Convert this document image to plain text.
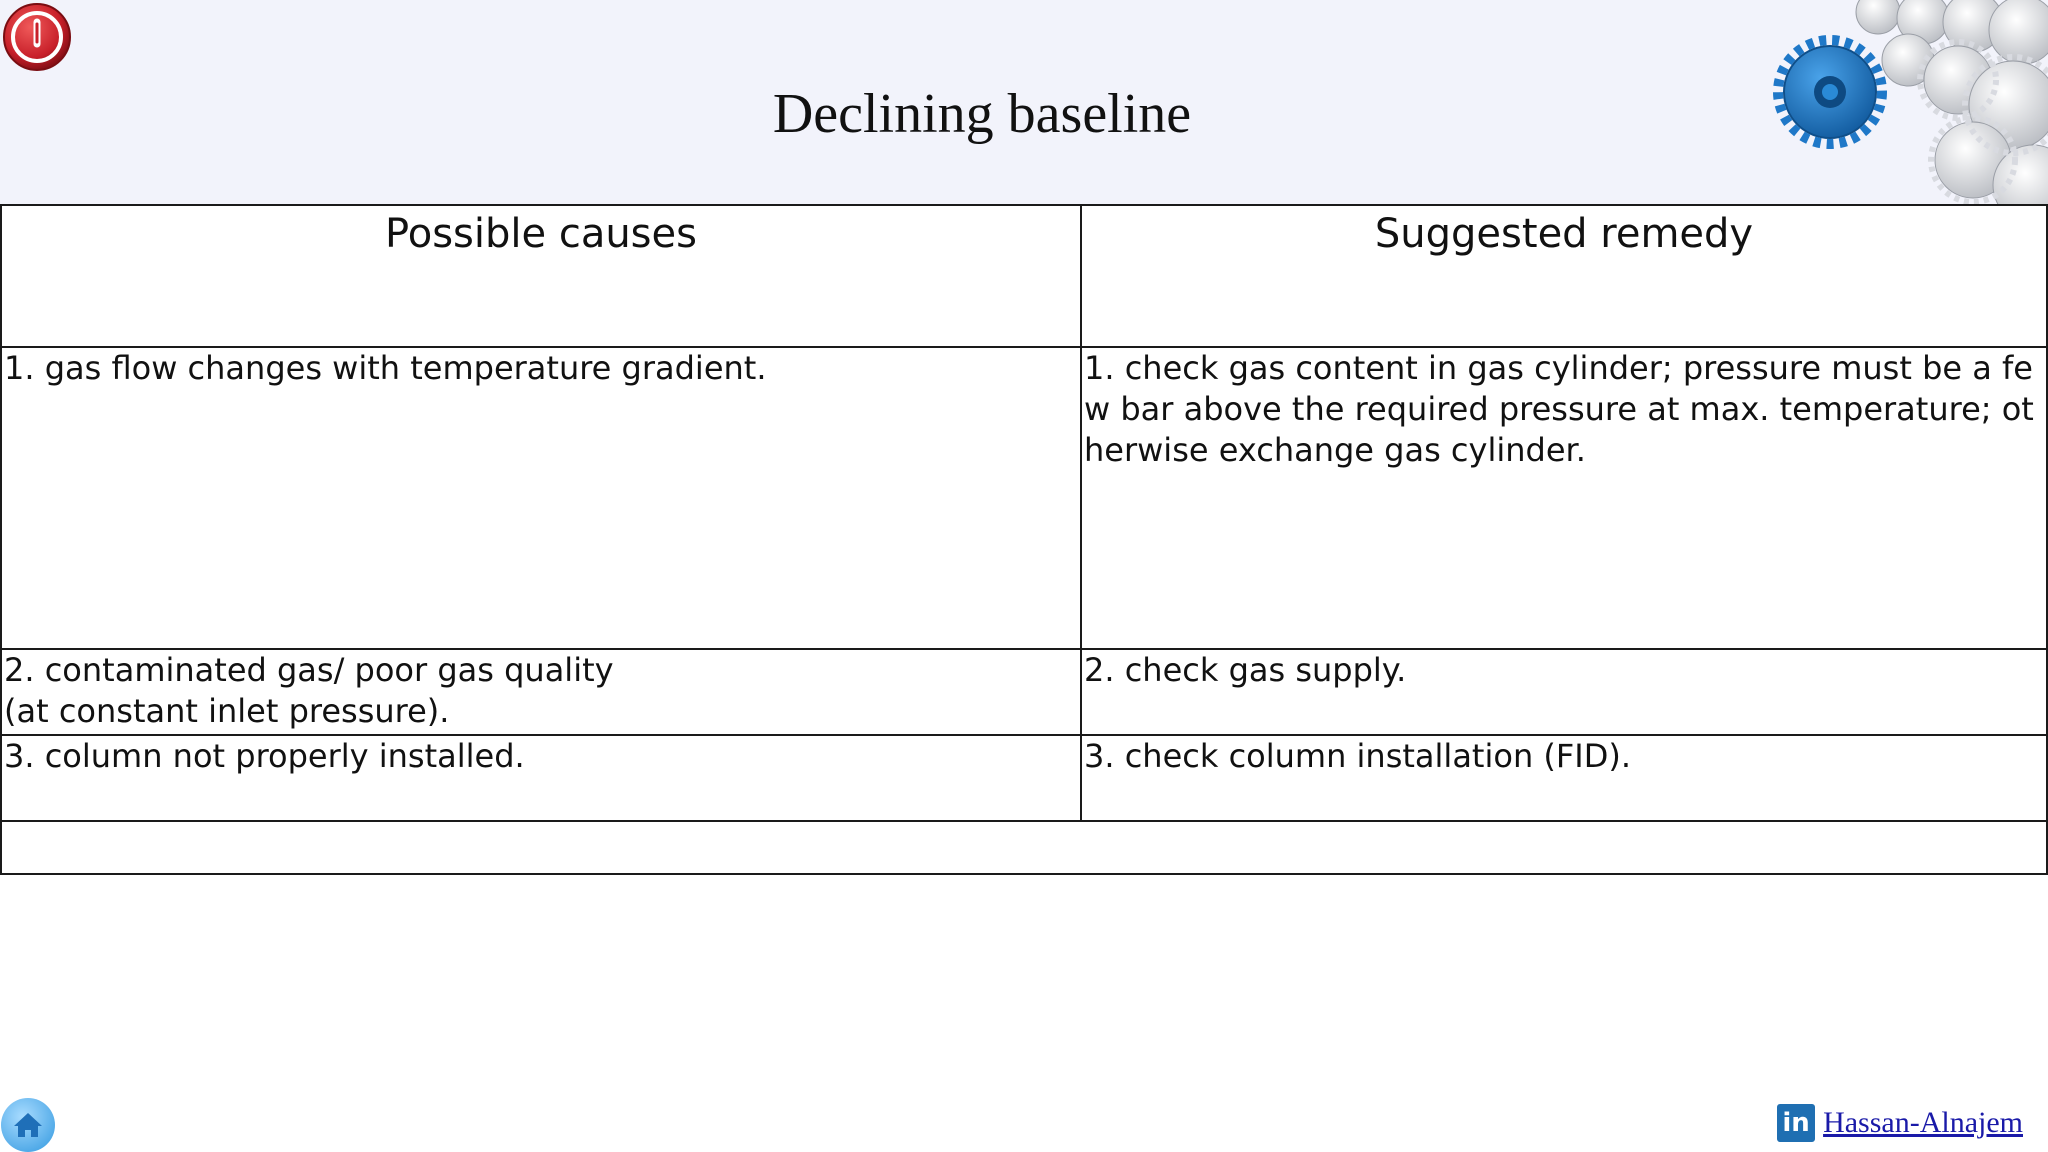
Declining baseline
Possible causes	Suggested remedy
1. gas flow changes with temperature gradient.	1. check gas content in gas cylinder; pressure must be a few bar above the required pressure at max. temperature; otherwise exchange gas cylinder.
2. contaminated gas/ poor gas quality
(at constant inlet pressure).	2. check gas supply.
3. column not properly installed.	3. check column installation (FID).

in Hassan-Alnajem
